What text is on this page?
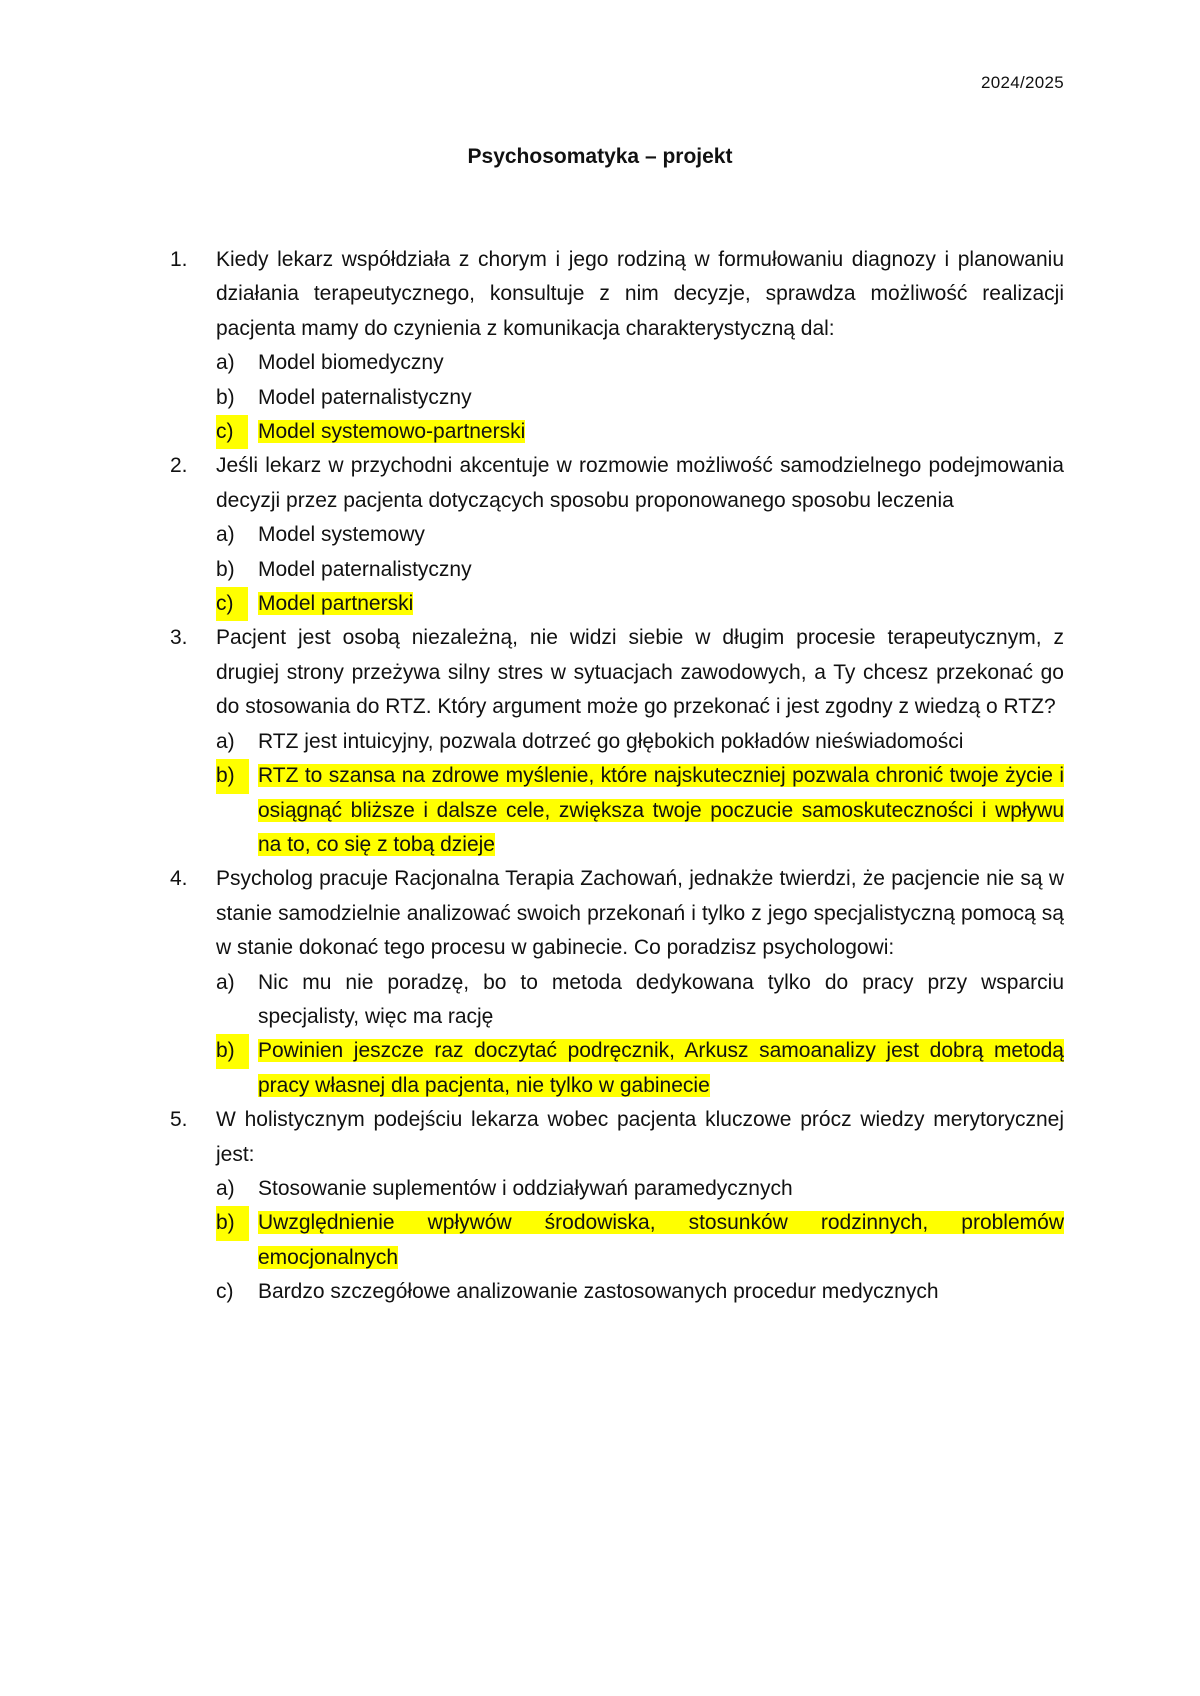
2024/2025
Psychosomatyka – projekt
1. Kiedy lekarz współdziała z chorym i jego rodziną w formułowaniu diagnozy i planowaniu działania terapeutycznego, konsultuje z nim decyzje, sprawdza możliwość realizacji pacjenta mamy do czynienia z komunikacja charakterystyczną dal:
a)	Model biomedyczny
b)	Model paternalistyczny
c)	Model systemowo-partnerski
2. Jeśli lekarz w przychodni akcentuje w rozmowie możliwość samodzielnego podejmowania decyzji przez pacjenta dotyczących sposobu proponowanego sposobu leczenia
a)	Model systemowy
b)	Model paternalistyczny
c)	Model partnerski
3. Pacjent jest osobą niezależną, nie widzi siebie w długim procesie terapeutycznym, z drugiej strony przeżywa silny stres w sytuacjach zawodowych, a Ty chcesz przekonać go do stosowania do RTZ. Który argument może go przekonać i jest zgodny z wiedzą o RTZ?
a)	RTZ jest intuicyjny, pozwala dotrzeć go głębokich pokładów nieświadomości
b)	RTZ to szansa na zdrowe myślenie, które najskuteczniej pozwala chronić twoje życie i osiągnąć bliższe i dalsze cele, zwiększa twoje poczucie samoskuteczności i wpływu na to, co się z tobą dzieje
4. Psycholog pracuje Racjonalna Terapia Zachowań, jednakże twierdzi, że pacjencie nie są w stanie samodzielnie analizować swoich przekonań i tylko z jego specjalistyczną pomocą są w stanie dokonać tego procesu w gabinecie. Co poradzisz psychologowi:
a)	Nic mu nie poradzę, bo to metoda dedykowana tylko do pracy przy wsparciu specjalisty, więc ma rację
b)	Powinien jeszcze raz doczytać podręcznik, Arkusz samoanalizy jest dobrą metodą pracy własnej dla pacjenta, nie tylko w gabinecie
5. W holistycznym podejściu lekarza wobec pacjenta kluczowe prócz wiedzy merytorycznej jest:
a)	Stosowanie suplementów i oddziaływań paramedycznych
b)	Uwzględnienie wpływów środowiska, stosunków rodzinnych, problemów emocjonalnych
c)	Bardzo szczegółowe analizowanie zastosowanych procedur medycznych
